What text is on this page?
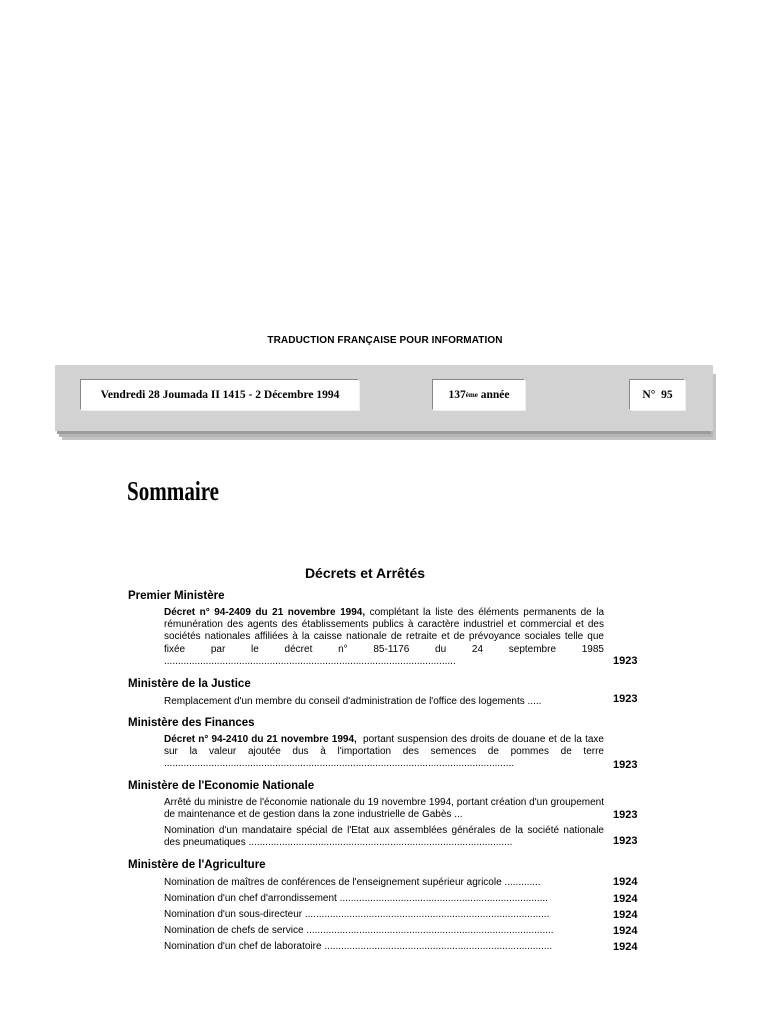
TRADUCTION FRANÇAISE POUR INFORMATION
Vendredi 28 Joumada II 1415 - 2 Décembre 1994	137 ème année	N°  95
Sommaire
Décrets et Arrêtés
Premier Ministère
Décret n° 94-2409 du 21 novembre 1994, complétant la liste des éléments permanents de la rémunération des agents des établissements publics à caractère industriel et commercial et des sociétés nationales affiliées à la caisse nationale de retraite et de prévoyance sociales telle que fixée par le décret n° 85-1176 du 24 septembre 1985 .........................................................................................................	1923
Ministère de la Justice
Remplacement d'un membre du conseil d'administration de l'office des logements .....	1923
Ministère des Finances
Décret n° 94-2410 du 21 novembre 1994,  portant suspension des droits de douane et de la taxe sur la valeur ajoutée dus à l'importation des semences de pommes de terre ..............................................................................................................................	1923
Ministère de l'Economie Nationale
Arrêté du ministre de l'économie nationale du 19 novembre 1994, portant création d'un groupement de maintenance et de gestion dans la zone industrielle de Gabès ...	1923
Nomination d'un mandataire spécial de l'Etat aux assemblées générales de la société nationale des pneumatiques ...............................................................................................	1923
Ministère de l'Agriculture
Nomination de maîtres de conférences de l'enseignement supérieur agricole .............	1924
Nomination d'un chef d'arrondissement ...........................................................................	1924
Nomination d'un sous-directeur ........................................................................................	1924
Nomination de chefs de service .........................................................................................	1924
Nomination d'un chef de laboratoire ..................................................................................	1924
